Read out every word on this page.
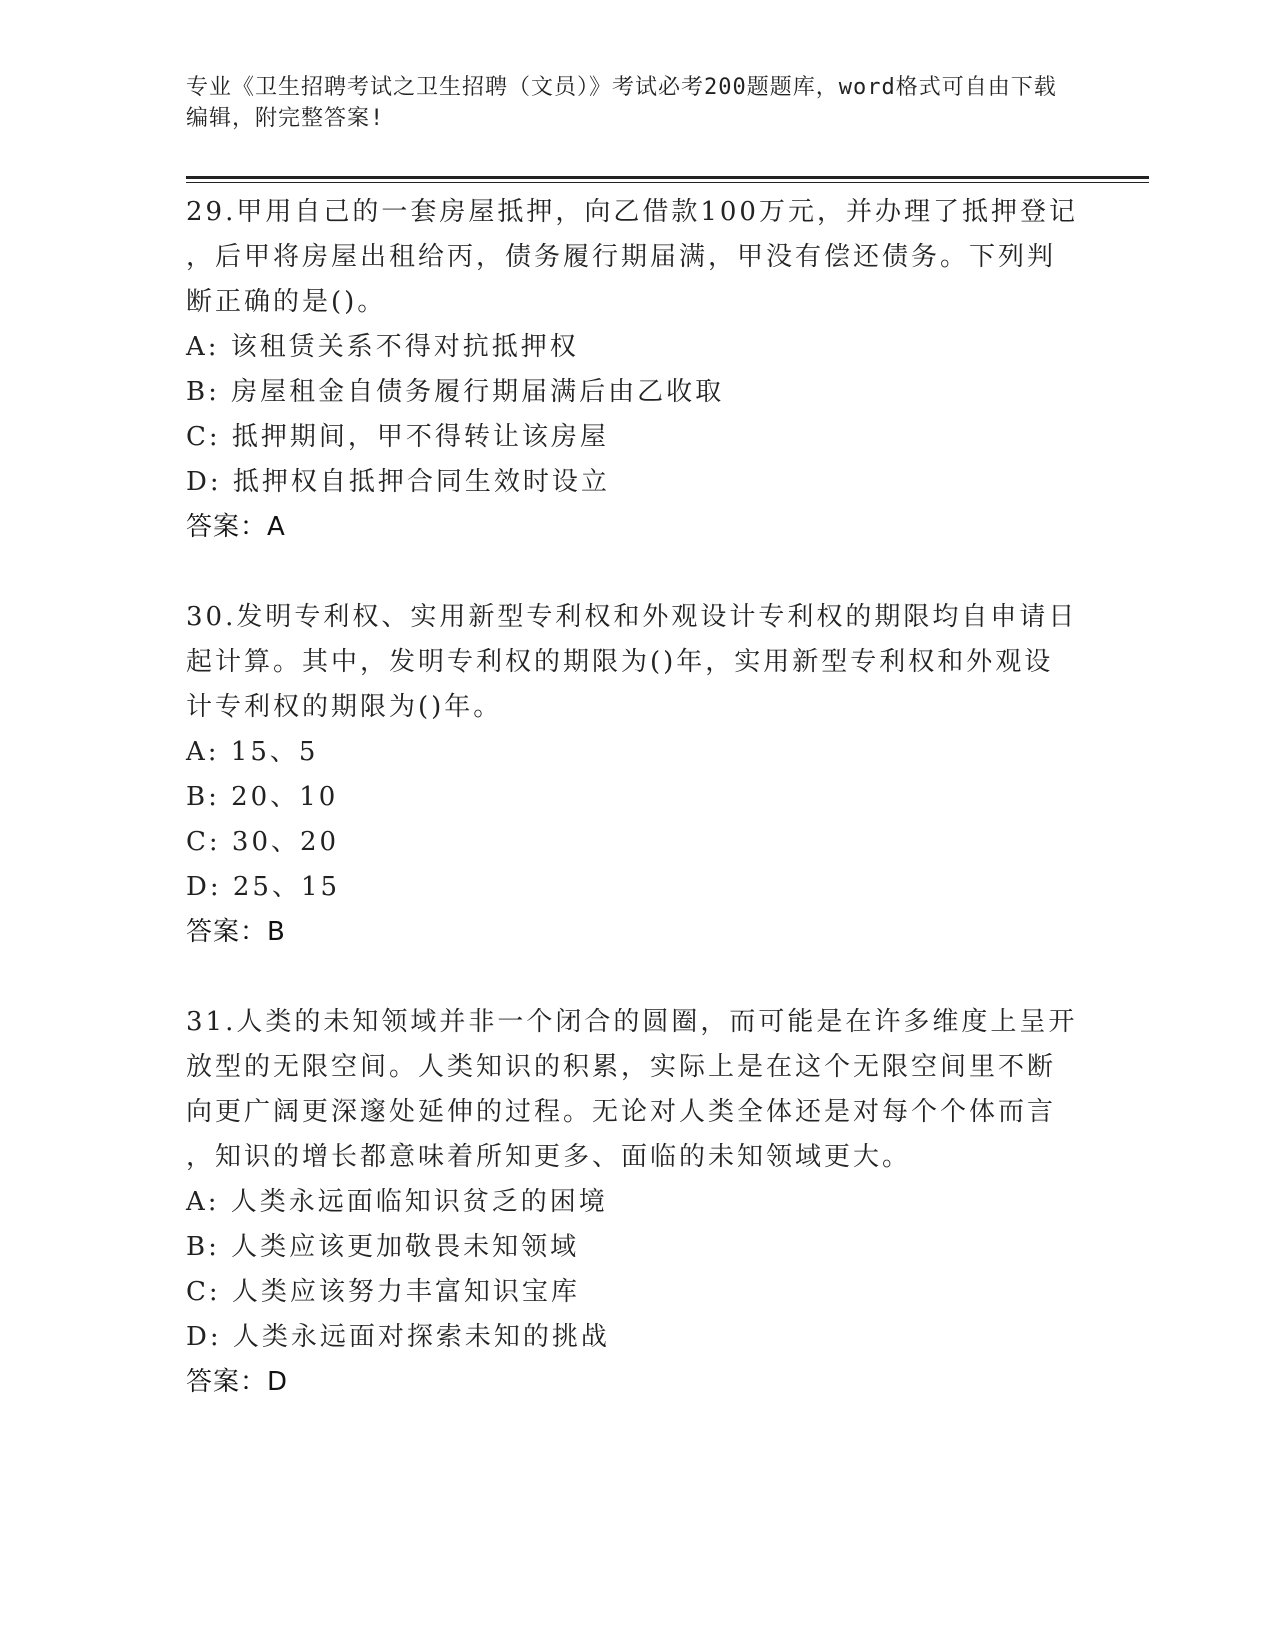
专业《卫生招聘考试之卫生招聘（文员）》考试必考200题题库，word格式可自由下载编辑，附完整答案!
29.甲用自己的一套房屋抵押，向乙借款100万元，并办理了抵押登记
，后甲将房屋出租给丙，债务履行期届满，甲没有偿还债务。下列判
断正确的是()。
A: 该租赁关系不得对抗抵押权
B: 房屋租金自债务履行期届满后由乙收取
C: 抵押期间，甲不得转让该房屋
D: 抵押权自抵押合同生效时设立
答案：A
30.发明专利权、实用新型专利权和外观设计专利权的期限均自申请日
起计算。其中，发明专利权的期限为()年，实用新型专利权和外观设
计专利权的期限为()年。
A: 15、5
B: 20、10
C: 30、20
D: 25、15
答案：B
31.人类的未知领域并非一个闭合的圆圈，而可能是在许多维度上呈开
放型的无限空间。人类知识的积累，实际上是在这个无限空间里不断
向更广阔更深邃处延伸的过程。无论对人类全体还是对每个个体而言
，知识的增长都意味着所知更多、面临的未知领域更大。
A: 人类永远面临知识贫乏的困境
B: 人类应该更加敬畏未知领域
C: 人类应该努力丰富知识宝库
D: 人类永远面对探索未知的挑战
答案：D
